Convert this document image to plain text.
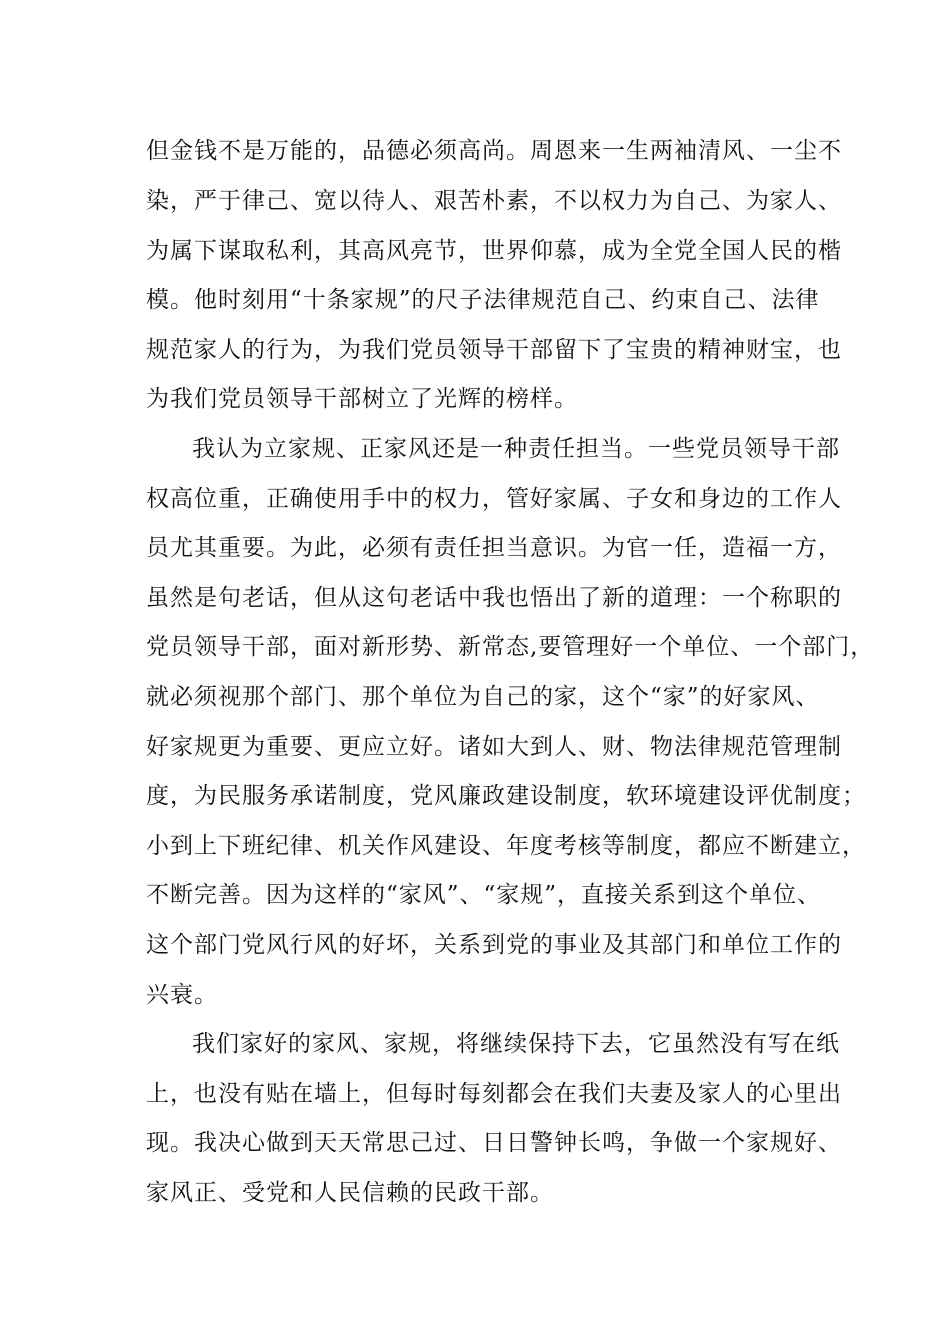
但金钱不是万能的，品德必须高尚。周恩来一生两袖清风、一尘不
染，严于律己、宽以待人、艰苦朴素，不以权力为自己、为家人、
为属下谋取私利，其高风亮节，世界仰慕，成为全党全国人民的楷
模。他时刻用“十条家规”的尺子法律规范自己、约束自己、法律
规范家人的行为，为我们党员领导干部留下了宝贵的精神财宝，也
为我们党员领导干部树立了光辉的榜样。
我认为立家规、正家风还是一种责任担当。一些党员领导干部
权高位重，正确使用手中的权力，管好家属、子女和身边的工作人
员尤其重要。为此，必须有责任担当意识。为官一任，造福一方，
虽然是句老话，但从这句老话中我也悟出了新的道理：一个称职的
党员领导干部，面对新形势、新常态,要管理好一个单位、一个部门，
就必须视那个部门、那个单位为自己的家，这个“家”的好家风、
好家规更为重要、更应立好。诸如大到人、财、物法律规范管理制
度，为民服务承诺制度，党风廉政建设制度，软环境建设评优制度；
小到上下班纪律、机关作风建设、年度考核等制度，都应不断建立，
不断完善。因为这样的“家风”、“家规”，直接关系到这个单位、
这个部门党风行风的好坏，关系到党的事业及其部门和单位工作的
兴衰。
我们家好的家风、家规，将继续保持下去，它虽然没有写在纸
上，也没有贴在墙上，但每时每刻都会在我们夫妻及家人的心里出
现。我决心做到天天常思己过、日日警钟长鸣，争做一个家规好、
家风正、受党和人民信赖的民政干部。
